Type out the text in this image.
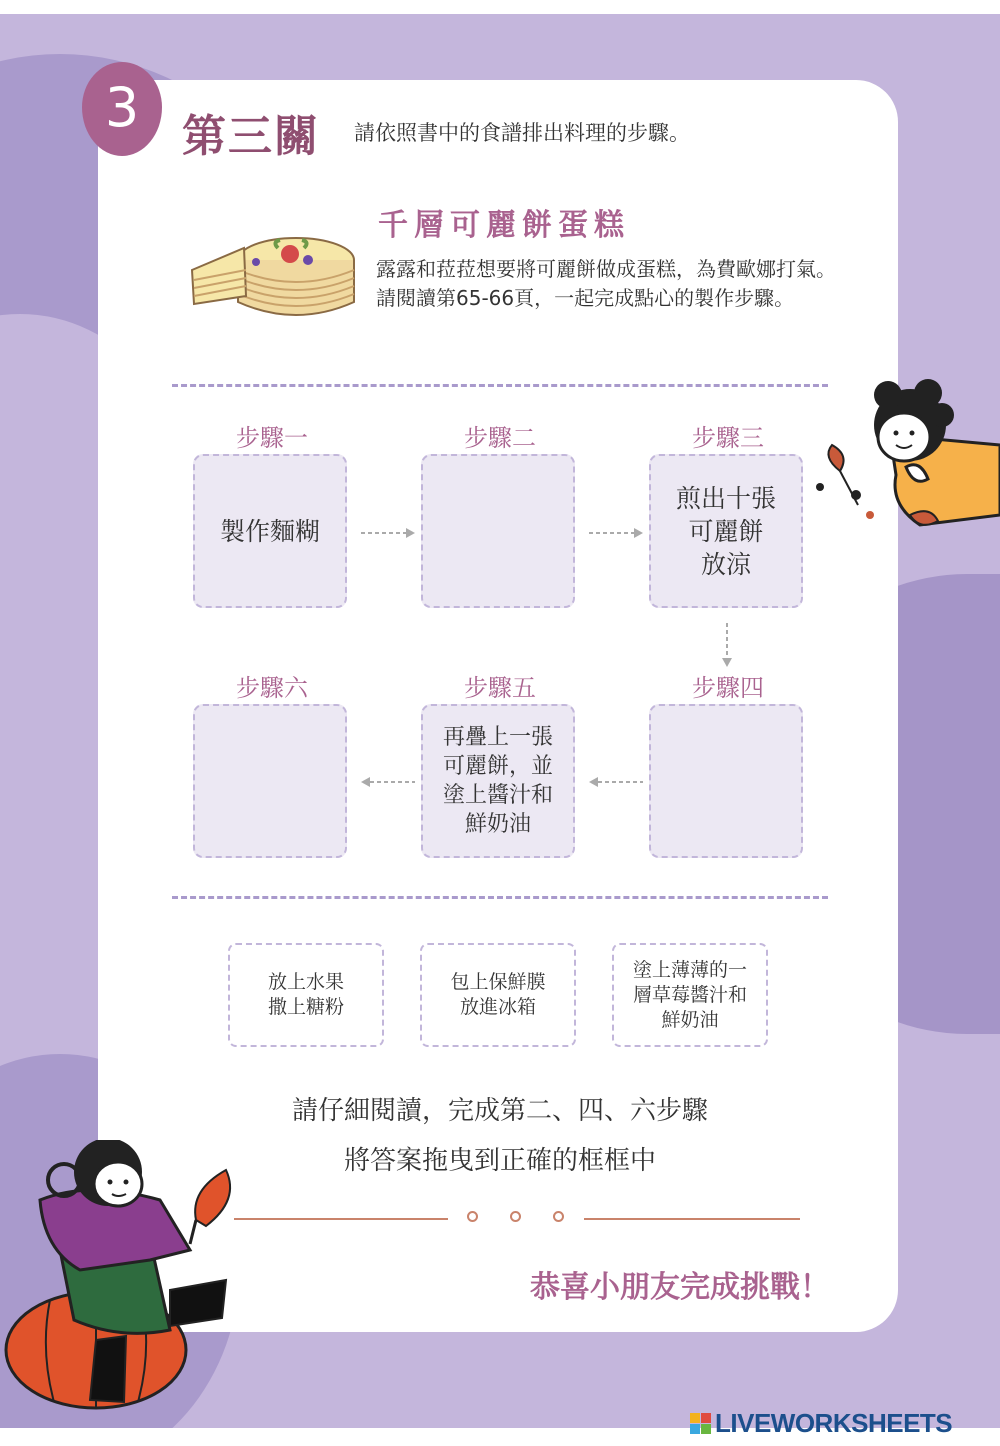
3 第三關 請依照書中的食譜排出料理的步驟。
千層可麗餅蛋糕
露露和菈菈想要將可麗餅做成蛋糕，為費歐娜打氣。請閱讀第65-66頁，一起完成點心的製作步驟。
步驟一	步驟二	步驟三
製作麵糊
煎出十張
可麗餅
放涼
步驟六	步驟五	步驟四
再疊上一張
可麗餅，並
塗上醬汁和
鮮奶油
放上水果
撒上糖粉
包上保鮮膜
放進冰箱
塗上薄薄的一
層草莓醬汁和
鮮奶油
請仔細閱讀，完成第二、四、六步驟
將答案拖曳到正確的框框中
恭喜小朋友完成挑戰！
LIVEWORKSHEETS
